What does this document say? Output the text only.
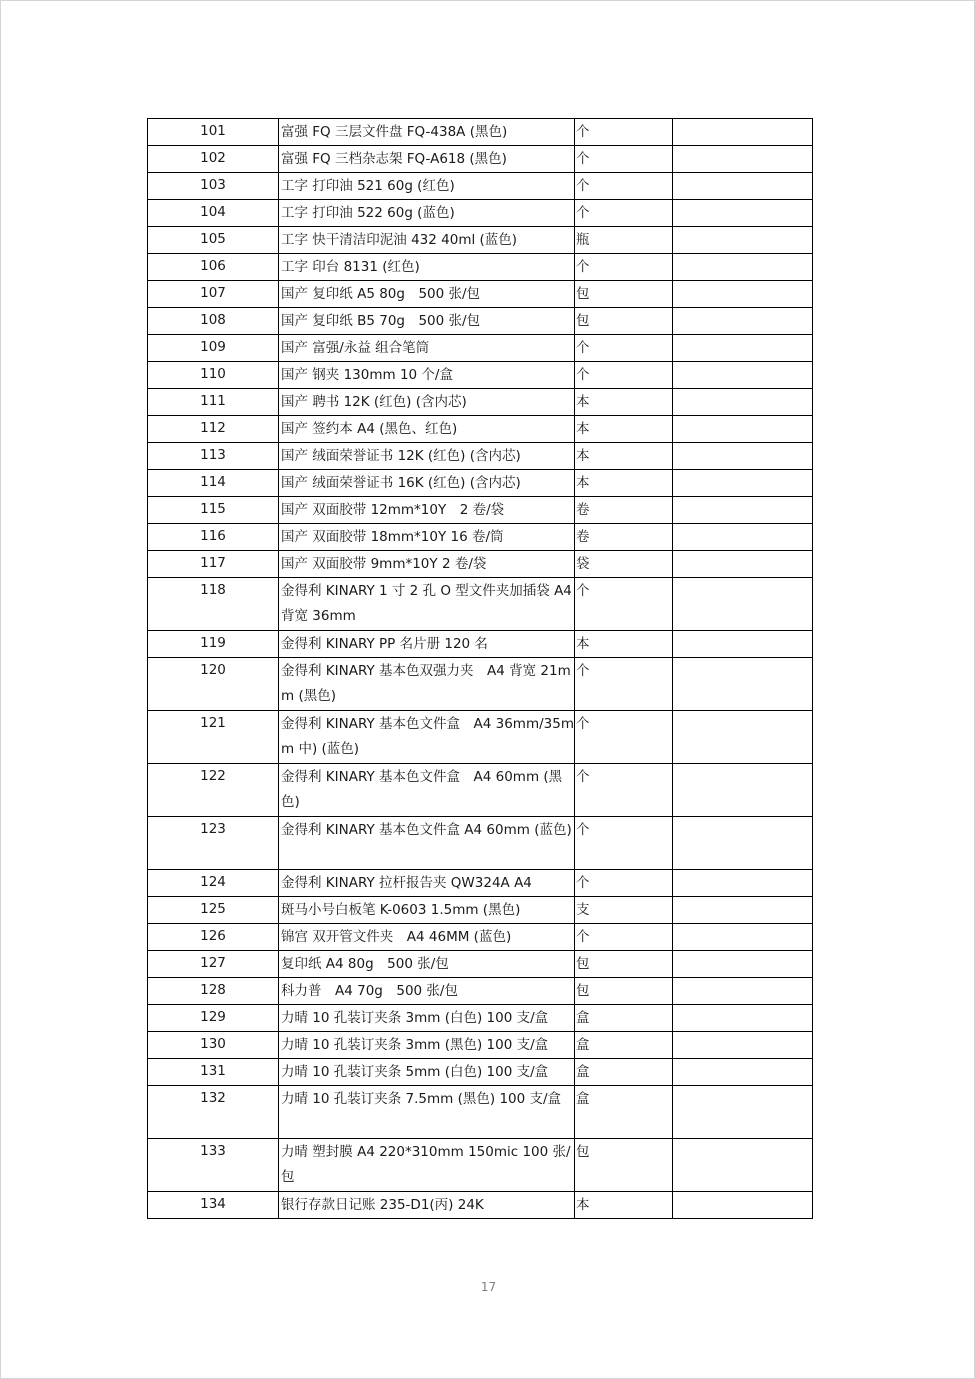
101	富强 FQ 三层文件盘 FQ-438A (黑色)	个	
102	富强 FQ 三档杂志架 FQ-A618 (黑色)	个	
103	工字 打印油 521 60g (红色)	个	
104	工字 打印油 522 60g (蓝色)	个	
105	工字 快干清洁印泥油 432 40ml (蓝色)	瓶	
106	工字 印台 8131 (红色)	个	
107	国产 复印纸 A5 80g　500 张/包	包	
108	国产 复印纸 B5 70g　500 张/包	包	
109	国产 富强/永益 组合笔筒	个	
110	国产 钢夹 130mm 10 个/盒	个	
111	国产 聘书 12K (红色) (含内芯)	本	
112	国产 签约本 A4 (黑色、红色)	本	
113	国产 绒面荣誉证书 12K (红色) (含内芯)	本	
114	国产 绒面荣誉证书 16K (红色) (含内芯)	本	
115	国产 双面胶带 12mm*10Y　2 卷/袋	卷	
116	国产 双面胶带 18mm*10Y 16 卷/筒	卷	
117	国产 双面胶带 9mm*10Y 2 卷/袋	袋	
118	金得利 KINARY 1 寸 2 孔 O 型文件夹加插袋 A4 背宽 36mm	个	
119	金得利 KINARY PP 名片册 120 名	本	
120	金得利 KINARY 基本色双强力夹　A4 背宽 21mm (黑色)	个	
121	金得利 KINARY 基本色文件盒　A4 36mm/35mm 中) (蓝色)	个	
122	金得利 KINARY 基本色文件盒　A4 60mm (黑色)	个	
123	金得利 KINARY 基本色文件盒 A4 60mm (蓝色)	个	
124	金得利 KINARY 拉杆报告夹 QW324A A4	个	
125	斑马小号白板笔 K-0603 1.5mm (黑色)	支	
126	锦宫 双开管文件夹　A4 46MM (蓝色)	个	
127	复印纸 A4 80g　500 张/包	包	
128	科力普　A4 70g　500 张/包	包	
129	力晴 10 孔装订夹条 3mm (白色) 100 支/盒	盒	
130	力晴 10 孔装订夹条 3mm (黑色) 100 支/盒	盒	
131	力晴 10 孔装订夹条 5mm (白色) 100 支/盒	盒	
132	力晴 10 孔装订夹条 7.5mm (黑色) 100 支/盒	盒	
133	力晴 塑封膜 A4 220*310mm 150mic 100 张/包	包	
134	银行存款日记账 235-D1(丙) 24K	本	
17
